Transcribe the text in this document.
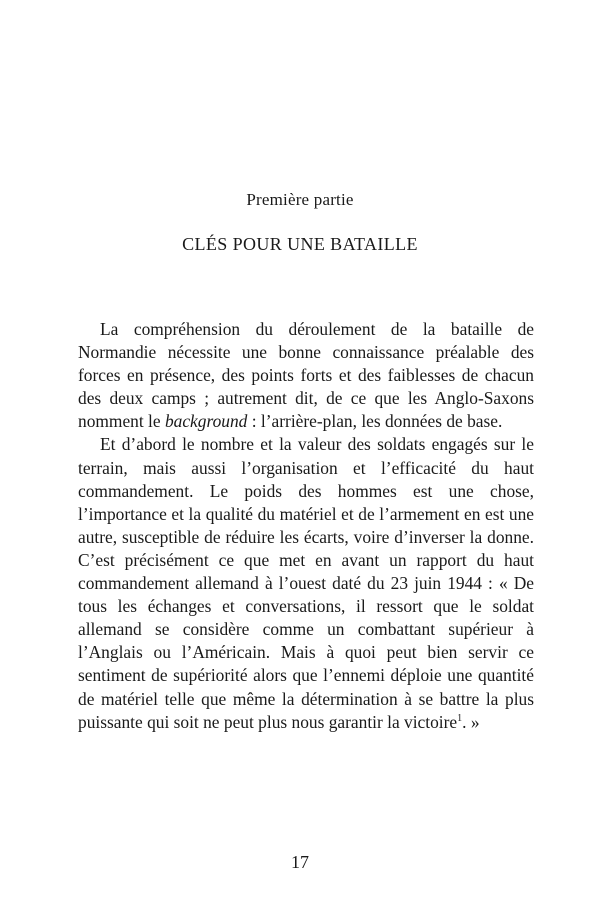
Première partie
CLÉS POUR UNE BATAILLE

La compréhension du déroulement de la bataille de Normandie nécessite une bonne connaissance préalable des forces en présence, des points forts et des faiblesses de chacun des deux camps ; autrement dit, de ce que les Anglo-Saxons nomment le background : l’arrière-plan, les données de base.

Et d’abord le nombre et la valeur des soldats engagés sur le terrain, mais aussi l’organisation et l’efficacité du haut commandement. Le poids des hommes est une chose, l’importance et la qualité du matériel et de l’armement en est une autre, susceptible de réduire les écarts, voire d’inverser la donne. C’est précisément ce que met en avant un rapport du haut commandement allemand à l’ouest daté du 23 juin 1944 : « De tous les échanges et conversations, il ressort que le soldat allemand se considère comme un combattant supérieur à l’Anglais ou l’Américain. Mais à quoi peut bien servir ce sentiment de supériorité alors que l’ennemi déploie une quantité de matériel telle que même la détermination à se battre la plus puissante qui soit ne peut plus nous garantir la victoire$^1$. »

17
